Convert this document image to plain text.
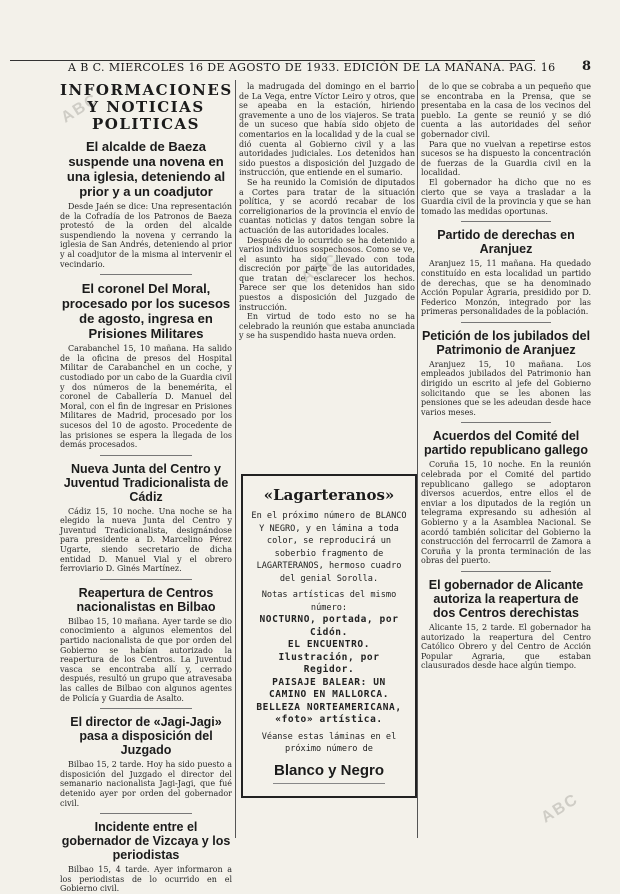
ABC
ABC
ABC
A B C. MIERCOLES 16 DE AGOSTO DE 1933. EDICIÓN DE LA MAÑANA. PAG. 16 8
INFORMACIONES Y NOTICIAS POLITICAS
El alcalde de Baeza suspende una novena en una iglesia, deteniendo al prior y a un coadjutor

Desde Jaén se dice: Una representación de la Cofradía de los Patronos de Baeza protestó de la orden del alcalde suspendiendo la novena y cerrando la iglesia de San Andrés, deteniendo al prior y al coadjutor de la misma al intervenir el vecindario.

El coronel Del Moral, procesado por los sucesos de agosto, ingresa en Prisiones Militares

Carabanchel 15, 10 mañana. Ha salido de la oficina de presos del Hospital Militar de Carabanchel en un coche, y custodiado por un cabo de la Guardia civil y dos números de la benemérita, el coronel de Caballería D. Manuel del Moral, con el fin de ingresar en Prisiones Militares de Madrid, procesado por los sucesos del 10 de agosto. Procedente de las prisiones se espera la llegada de los demás procesados.

Nueva Junta del Centro y Juventud Tradicionalista de Cádiz

Cádiz 15, 10 noche. Una noche se ha elegido la nueva Junta del Centro y Juventud Tradicionalista, designándose para presidente a D. Marcelino Pérez Ugarte, siendo secretario de dicha entidad D. Manuel Vial y el obrero ferroviario D. Ginés Martínez.

Reapertura de Centros nacionalistas en Bilbao

Bilbao 15, 10 mañana. Ayer tarde se dio conocimiento a algunos elementos del partido nacionalista de que por orden del Gobierno se habían autorizado la reapertura de los Centros. La Juventud vasca se encontraba allí y, cerrado después, resultó un grupo que atravesaba las calles de Bilbao con algunos agentes de Policía y Guardia de Asalto.

El director de «Jagi-Jagi» pasa a disposición del Juzgado

Bilbao 15, 2 tarde. Hoy ha sido puesto a disposición del Juzgado el director del semanario nacionalista Jagi-Jagi, que fué detenido ayer por orden del gobernador civil.

Incidente entre el gobernador de Vizcaya y los periodistas

Bilbao 15, 4 tarde. Ayer informaron a los periodistas de lo ocurrido en el Gobierno civil.

la madrugada del domingo en el barrio de La Vega, entre Víctor Leiro y otros, que se apeaba en la estación, hiriendo gravemente a uno de los viajeros. Se trata de un suceso que había sido objeto de comentarios en la localidad y de la cual se dió cuenta al Gobierno civil y a las autoridades judiciales. Los detenidos han sido puestos a disposición del Juzgado de instrucción, que entiende en el sumario.

Se ha reunido la Comisión de diputados a Cortes para tratar de la situación política, y se acordó recabar de los correligionarios de la provincia el envío de cuantas noticias y datos tengan sobre la actuación de las autoridades locales.

Después de lo ocurrido se ha detenido a varios individuos sospechosos. Como se ve, el asunto ha sido llevado con toda discreción por parte de las autoridades, que tratan de esclarecer los hechos. Parece ser que los detenidos han sido puestos a disposición del Juzgado de instrucción.

En virtud de todo esto no se ha celebrado la reunión que estaba anunciada y se ha suspendido hasta nueva orden.

«Lagarteranos»
En el próximo número de BLANCO Y NEGRO, y en lámina a toda color, se reproducirá un soberbio fragmento de LAGARTERANOS, hermoso cuadro del genial Sorolla.
Notas artísticas del mismo número:
NOCTURNO, portada, por Cidón.
EL ENCUENTRO. Ilustración, por Regidor.
PAISAJE BALEAR: UN CAMINO EN MALLORCA.
BELLEZA NORTEAMERICANA, «foto» artística.
Véanse estas láminas en el próximo número de
Blanco y Negro

de lo que se cobraba a un pequeño que se encontraba en la Prensa, que se presentaba en la casa de los vecinos del pueblo. La gente se reunió y se dió cuenta a las autoridades del señor gobernador civil.

Para que no vuelvan a repetirse estos sucesos se ha dispuesto la concentración de fuerzas de la Guardia civil en la localidad.

El gobernador ha dicho que no es cierto que se vaya a trasladar a la Guardia civil de la provincia y que se han tomado las medidas oportunas.

Partido de derechas en Aranjuez

Aranjuez 15, 11 mañana. Ha quedado constituído en esta localidad un partido de derechas, que se ha denominado Acción Popular Agraria, presidido por D. Federico Monzón, integrado por las primeras personalidades de la población.

Petición de los jubilados del Patrimonio de Aranjuez

Aranjuez 15, 10 mañana. Los empleados jubilados del Patrimonio han dirigido un escrito al jefe del Gobierno solicitando que se les abonen las pensiones que se les adeudan desde hace varios meses.

Acuerdos del Comité del partido republicano gallego

Coruña 15, 10 noche. En la reunión celebrada por el Comité del partido republicano gallego se adoptaron diversos acuerdos, entre ellos el de enviar a los diputados de la región un telegrama expresando su adhesión al Gobierno y a la Asamblea Nacional. Se acordó también solicitar del Gobierno la construcción del ferrocarril de Zamora a Coruña y la pronta terminación de las obras del puerto.

El gobernador de Alicante autoriza la reapertura de dos Centros derechistas

Alicante 15, 2 tarde. El gobernador ha autorizado la reapertura del Centro Católico Obrero y del Centro de Acción Popular Agraria, que estaban clausurados desde hace algún tiempo.
